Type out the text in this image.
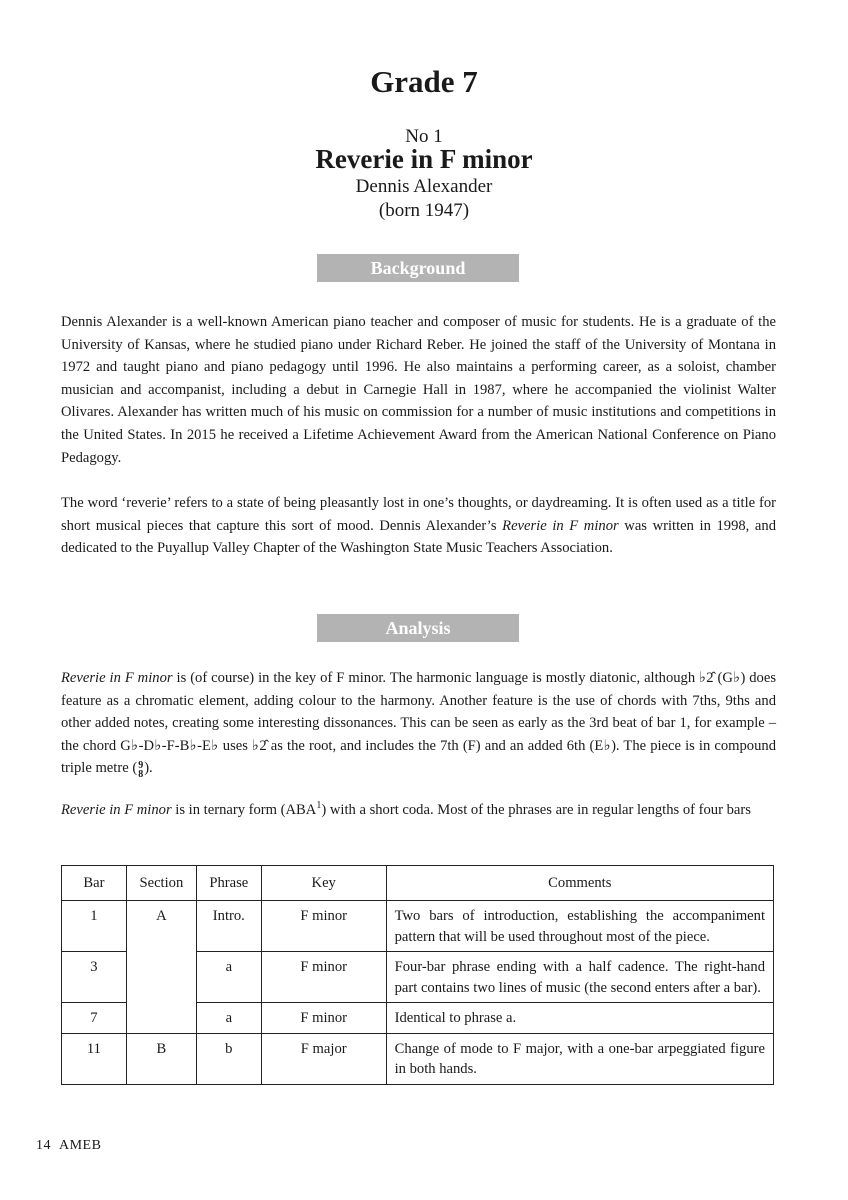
Grade 7
No 1
Reverie in F minor
Dennis Alexander
(born 1947)
Background

Dennis Alexander is a well-known American piano teacher and composer of music for students. He is a graduate of the University of Kansas, where he studied piano under Richard Reber. He joined the staff of the University of Montana in 1972 and taught piano and piano pedagogy until 1996. He also maintains a performing career, as a soloist, chamber musician and accompanist, including a debut in Carnegie Hall in 1987, where he accompanied the violinist Walter Olivares. Alexander has written much of his music on commission for a number of music institutions and competitions in the United States. In 2015 he received a Lifetime Achievement Award from the American National Conference on Piano Pedagogy.

The word ‘reverie’ refers to a state of being pleasantly lost in one’s thoughts, or daydreaming. It is often used as a title for short musical pieces that capture this sort of mood. Dennis Alexander’s Reverie in F minor was written in 1998, and dedicated to the Puyallup Valley Chapter of the Washington State Music Teachers Association.

Analysis

Reverie in F minor is (of course) in the key of F minor. The harmonic language is mostly diatonic, although ♭2̂ (G♭) does feature as a chromatic element, adding colour to the harmony. Another feature is the use of chords with 7ths, 9ths and other added notes, creating some interesting dissonances. This can be seen as early as the 3rd beat of bar 1, for example – the chord G♭-D♭-F-B♭-E♭ uses ♭2̂ as the root, and includes the 7th (F) and an added 6th (E♭). The piece is in compound triple metre ( 9
8 ).

Reverie in F minor is in ternary form (ABA$^1$) with a short coda. Most of the phrases are in regular lengths of four bars

Bar	Section	Phrase	Key	Comments
1	A	Intro.	F minor	Two bars of introduction, establishing the accompaniment pattern that will be used throughout most of the piece.
3		a	F minor	Four-bar phrase ending with a half cadence. The right-hand part contains two lines of music (the second enters after a bar).
7		a	F minor	Identical to phrase a.
11	B	b	F major	Change of mode to F major, with a one-bar arpeggiated figure in both hands.
14 AMEB
